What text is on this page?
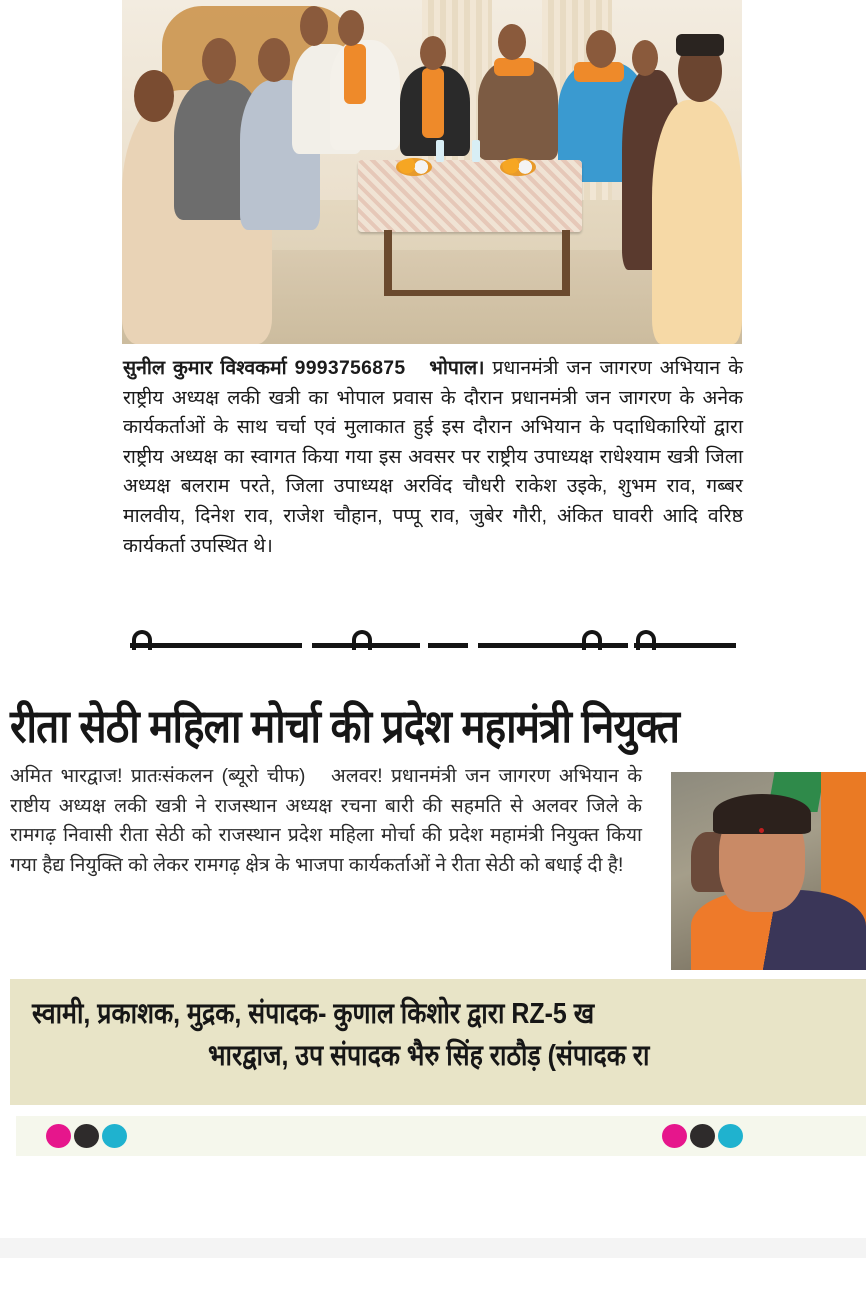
सुनील कुमार विश्वकर्मा 9993756875 भोपाल। प्रधानमंत्री जन जागरण अभियान के राष्ट्रीय अध्यक्ष लकी खत्री का भोपाल प्रवास के दौरान प्रधानमंत्री जन जागरण के अनेक कार्यकर्ताओं के साथ चर्चा एवं मुलाकात हुई इस दौरान अभियान के पदाधिकारियों द्वारा राष्ट्रीय अध्यक्ष का स्वागत किया गया इस अवसर पर राष्ट्रीय उपाध्यक्ष राधेश्याम खत्री जिला अध्यक्ष बलराम परते, जिला उपाध्यक्ष अरविंद चौधरी राकेश उइके, शुभम राव, गब्बर मालवीय, दिनेश राव, राजेश चौहान, पप्पू राव, जुबेर गौरी, अंकित घावरी आदि वरिष्ठ कार्यकर्ता उपस्थित थे।
रीता सेठी महिला मोर्चा की प्रदेश महामंत्री नियुक्त
अमित भारद्वाज! प्रातःसंकलन (ब्यूरो चीफ) अलवर! प्रधानमंत्री जन जागरण अभियान के राष्टीय अध्यक्ष लकी खत्री ने राजस्थान अध्यक्ष रचना बारी की सहमति से अलवर जिले के रामगढ़ निवासी रीता सेठी को राजस्थान प्रदेश महिला मोर्चा की प्रदेश महामंत्री नियुक्त किया गया हैद्य नियुक्ति को लेकर रामगढ़ क्षेत्र के भाजपा कार्यकर्ताओं ने रीता सेठी को बधाई दी है!
स्वामी, प्रकाशक, मुद्रक, संपादक- कुणाल किशोर द्वारा RZ-5 ख
भारद्वाज, उप संपादक भैरु सिंह राठौड़ (संपादक रा
